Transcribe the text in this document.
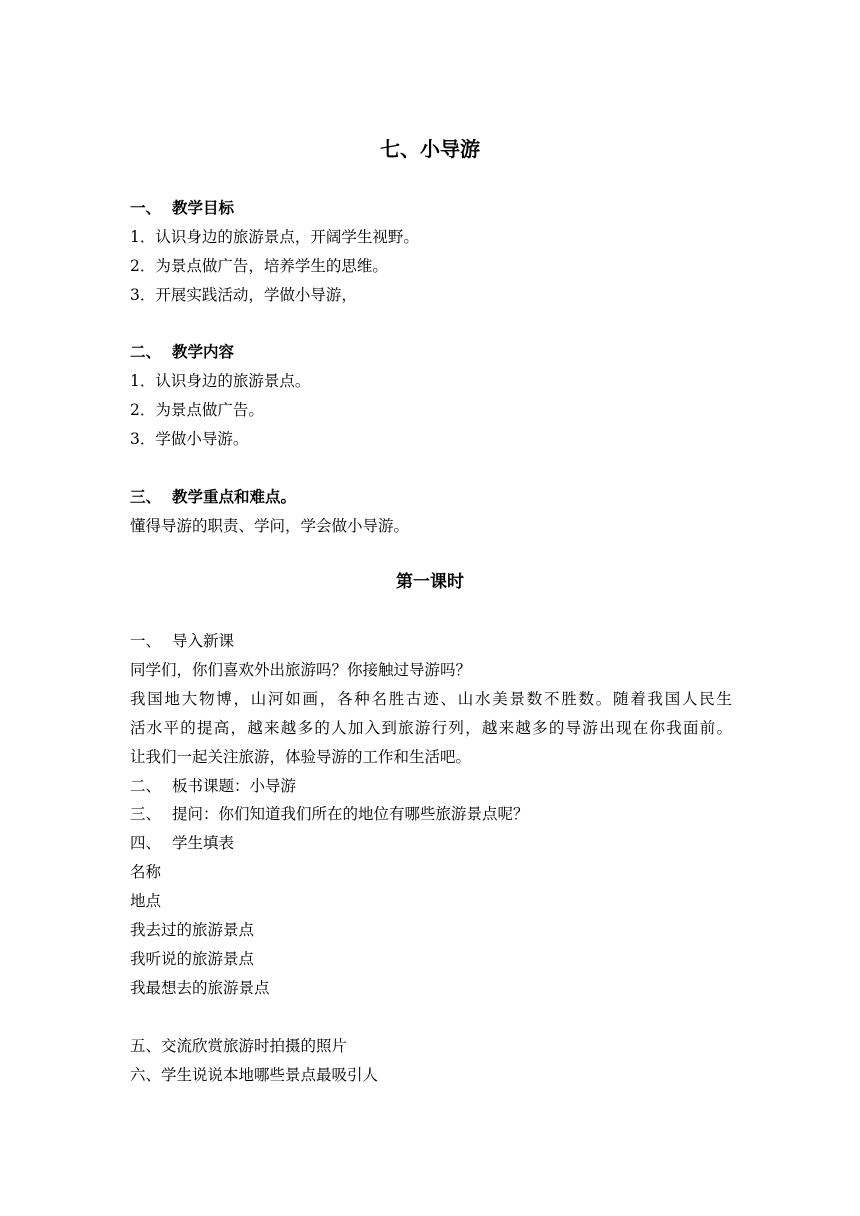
七、小导游
一、 教学目标
1．认识身边的旅游景点，开阔学生视野。
2．为景点做广告，培养学生的思维。
3．开展实践活动，学做小导游，
二、 教学内容
1．认识身边的旅游景点。
2．为景点做广告。
3．学做小导游。
三、 教学重点和难点。
懂得导游的职责、学问，学会做小导游。
第一课时
一、 导入新课
同学们，你们喜欢外出旅游吗？你接触过导游吗？
我国地大物博，山河如画，各种名胜古迹、山水美景数不胜数。随着我国人民生
活水平的提高，越来越多的人加入到旅游行列，越来越多的导游出现在你我面前。
让我们一起关注旅游，体验导游的工作和生活吧。
二、 板书课题：小导游
三、 提问：你们知道我们所在的地位有哪些旅游景点呢？
四、 学生填表
名称
地点
我去过的旅游景点
我听说的旅游景点
我最想去的旅游景点
五、交流欣赏旅游时拍摄的照片
六、学生说说本地哪些景点最吸引人
